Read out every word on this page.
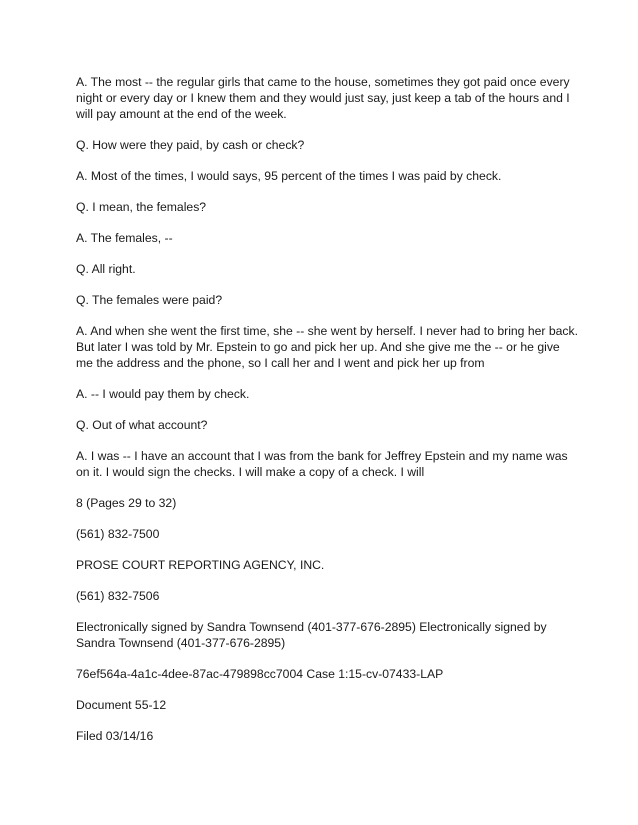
A. The most -- the regular girls that came to the house, sometimes they got paid once every night or every day or I knew them and they would just say, just keep a tab of the hours and I will pay amount at the end of the week.

Q. How were they paid, by cash or check?

A. Most of the times, I would says, 95 percent of the times I was paid by check.

Q. I mean, the females?

A. The females, --

Q. All right.

Q. The females were paid?

A. And when she went the first time, she -- she went by herself. I never had to bring her back. But later I was told by Mr. Epstein to go and pick her up. And she give me the -- or he give me the address and the phone, so I call her and I went and pick her up from

A. -- I would pay them by check.

Q. Out of what account?

A. I was -- I have an account that I was from the bank for Jeffrey Epstein and my name was on it. I would sign the checks. I will make a copy of a check. I will

8 (Pages 29 to 32)

(561) 832-7500

PROSE COURT REPORTING AGENCY, INC.

(561) 832-7506

Electronically signed by Sandra Townsend (401-377-676-2895) Electronically signed by Sandra Townsend (401-377-676-2895)

76ef564a-4a1c-4dee-87ac-479898cc7004 Case 1:15-cv-07433-LAP

Document 55-12

Filed 03/14/16
